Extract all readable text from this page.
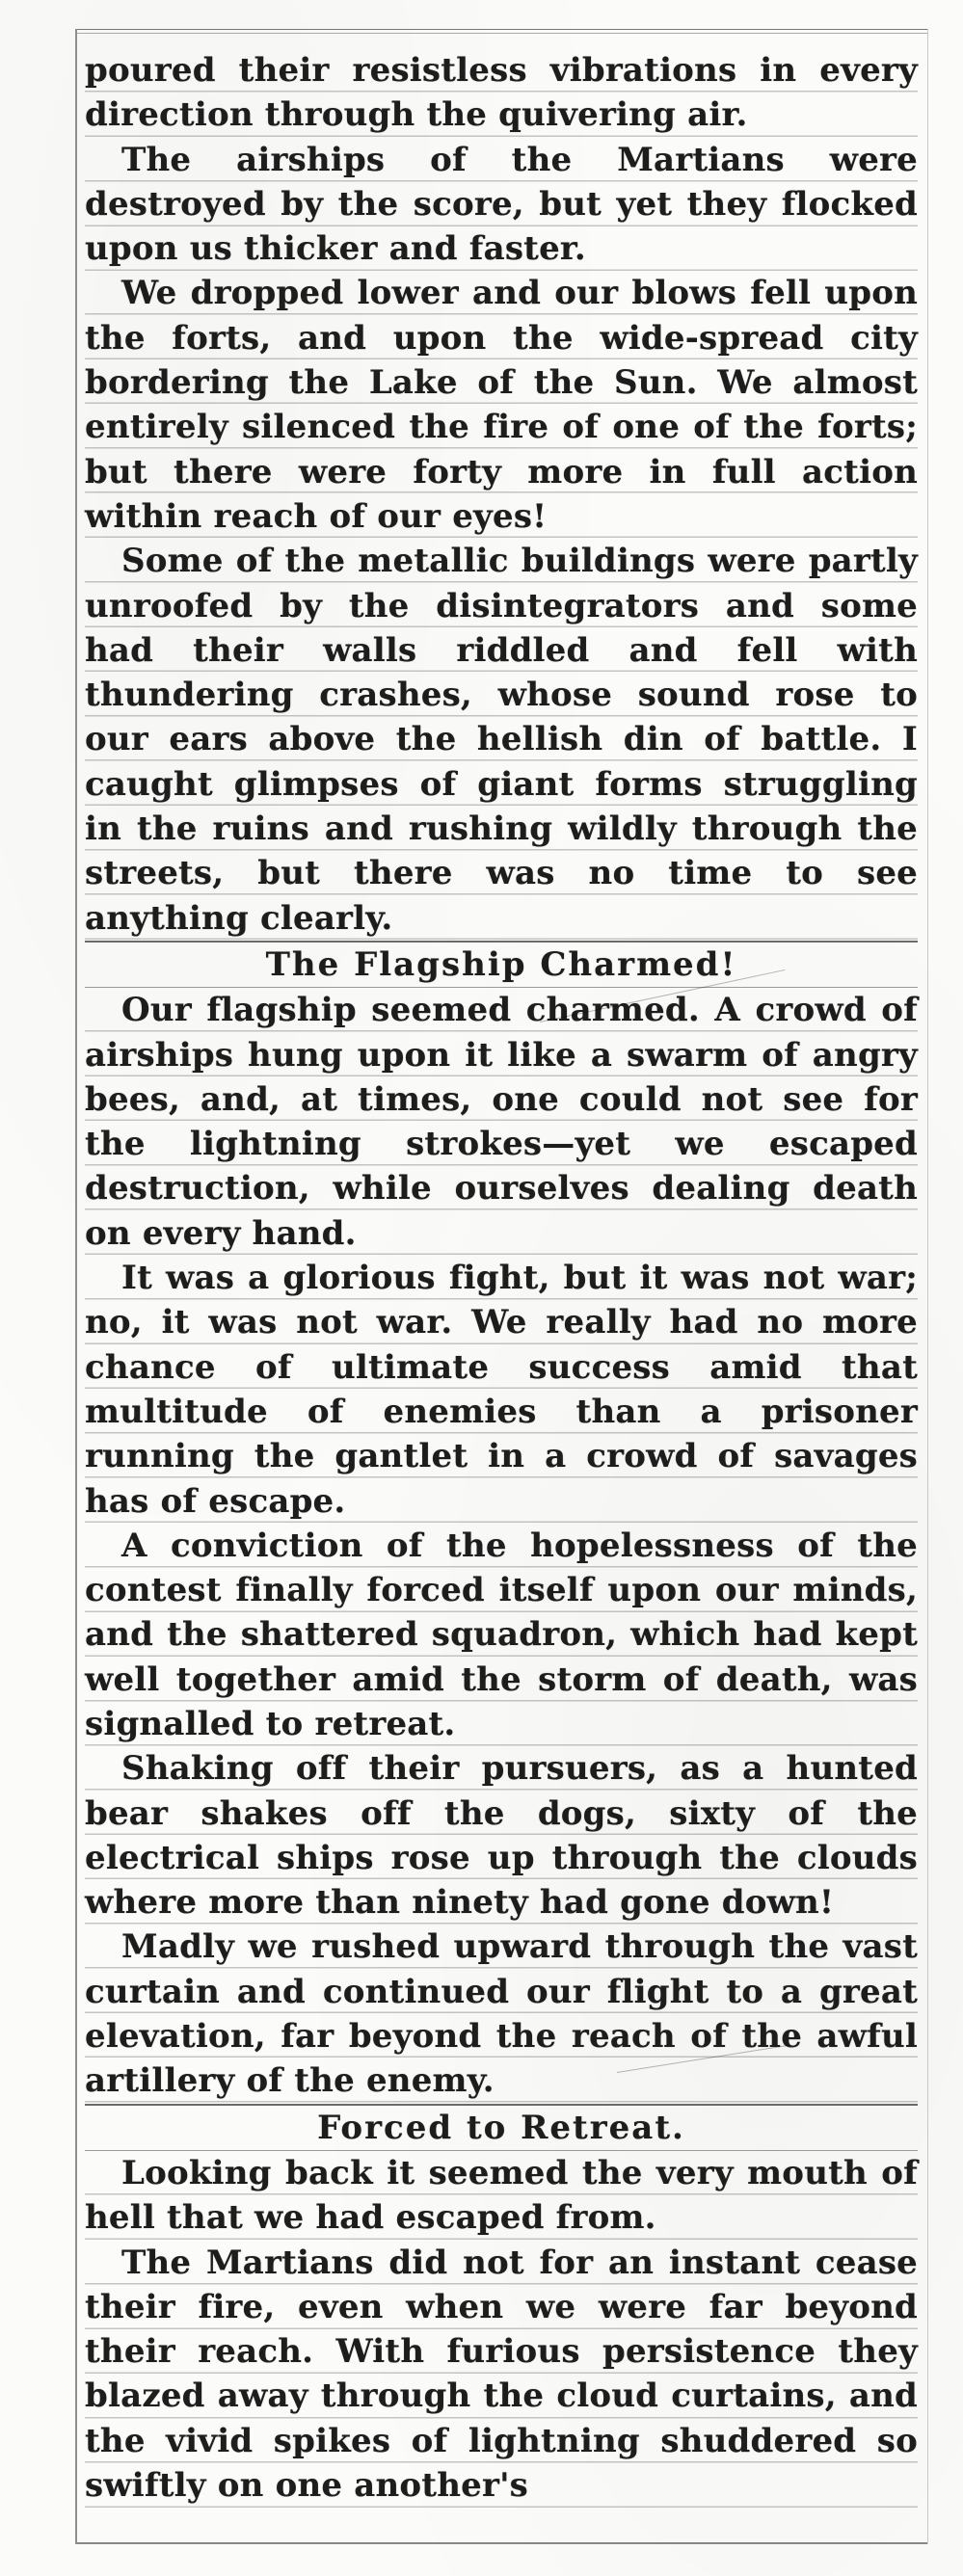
poured their resistless vibrations in every direction through the quivering air.

The airships of the Martians were destroyed by the score, but yet they flocked upon us thicker and faster.

We dropped lower and our blows fell upon the forts, and upon the wide-spread city bordering the Lake of the Sun. We almost entirely silenced the fire of one of the forts; but there were forty more in full action within reach of our eyes!

Some of the metallic buildings were partly unroofed by the disintegrators and some had their walls riddled and fell with thundering crashes, whose sound rose to our ears above the hellish din of battle. I caught glimpses of giant forms struggling in the ruins and rushing wildly through the streets, but there was no time to see anything clearly.

The Flagship Charmed!

Our flagship seemed charmed. A crowd of airships hung upon it like a swarm of angry bees, and, at times, one could not see for the lightning strokes—yet we escaped destruction, while ourselves dealing death on every hand.

It was a glorious fight, but it was not war; no, it was not war. We really had no more chance of ultimate success amid that multitude of enemies than a prisoner running the gantlet in a crowd of savages has of escape.

A conviction of the hopelessness of the contest finally forced itself upon our minds, and the shattered squadron, which had kept well together amid the storm of death, was signalled to retreat.

Shaking off their pursuers, as a hunted bear shakes off the dogs, sixty of the electrical ships rose up through the clouds where more than ninety had gone down!

Madly we rushed upward through the vast curtain and continued our flight to a great elevation, far beyond the reach of the awful artillery of the enemy.

Forced to Retreat.

Looking back it seemed the very mouth of hell that we had escaped from.

The Martians did not for an instant cease their fire, even when we were far beyond their reach. With furious persistence they blazed away through the cloud curtains, and the vivid spikes of lightning shuddered so swiftly on one another's
